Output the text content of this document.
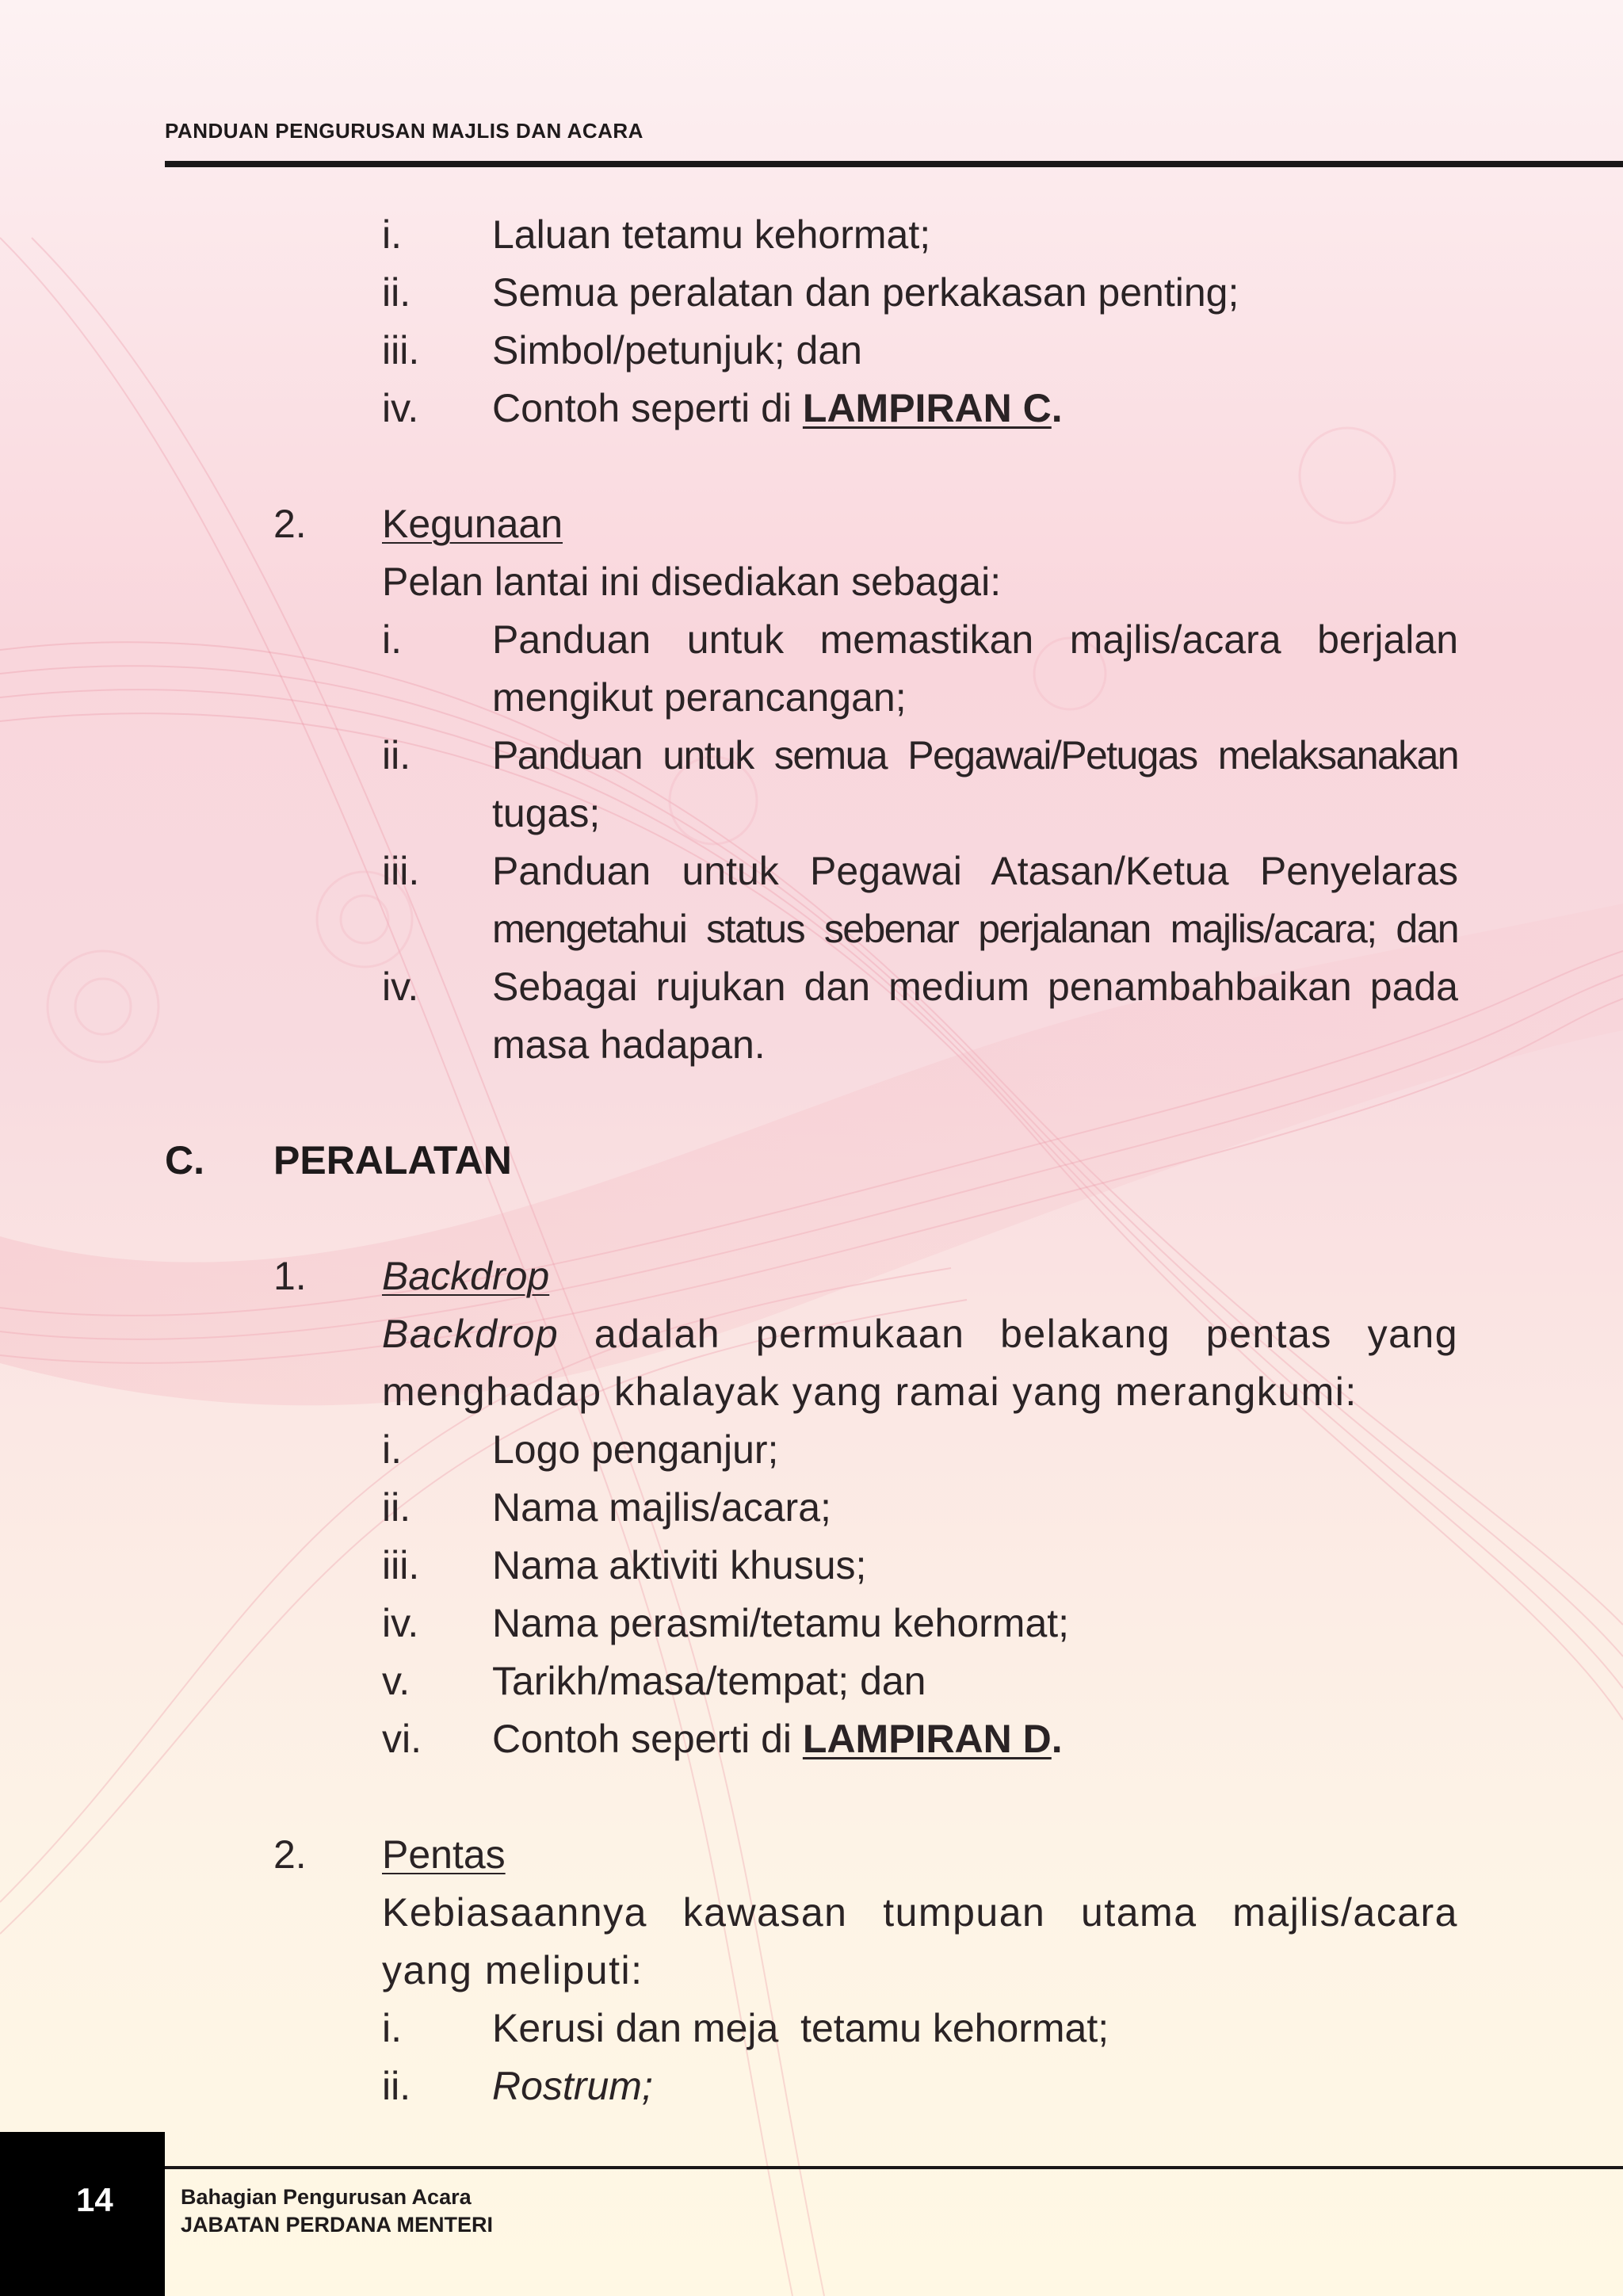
PANDUAN PENGURUSAN MAJLIS DAN ACARA
i. Laluan tetamu kehormat;
ii. Semua peralatan dan perkakasan penting;
iii. Simbol/petunjuk; dan
iv. Contoh seperti di LAMPIRAN C.
2. Kegunaan
Pelan lantai ini disediakan sebagai:
i. Panduan untuk memastikan majlis/acara berjalan
mengikut perancangan;
ii. Panduan untuk semua Pegawai/Petugas melaksanakan
tugas;
iii. Panduan untuk Pegawai Atasan/Ketua Penyelaras
mengetahui status sebenar perjalanan majlis/acara; dan
iv. Sebagai rujukan dan medium penambahbaikan pada
masa hadapan.
C. PERALATAN
1. Backdrop
Backdrop adalah permukaan belakang pentas yang
menghadap khalayak yang ramai yang merangkumi:
i. Logo penganjur;
ii. Nama majlis/acara;
iii. Nama aktiviti khusus;
iv. Nama perasmi/tetamu kehormat;
v. Tarikh/masa/tempat; dan
vi. Contoh seperti di LAMPIRAN D.
2. Pentas
Kebiasaannya kawasan tumpuan utama majlis/acara
yang meliputi:
i. Kerusi dan meja  tetamu kehormat;
ii. Rostrum;
14	Bahagian Pengurusan Acara
JABATAN PERDANA MENTERI
